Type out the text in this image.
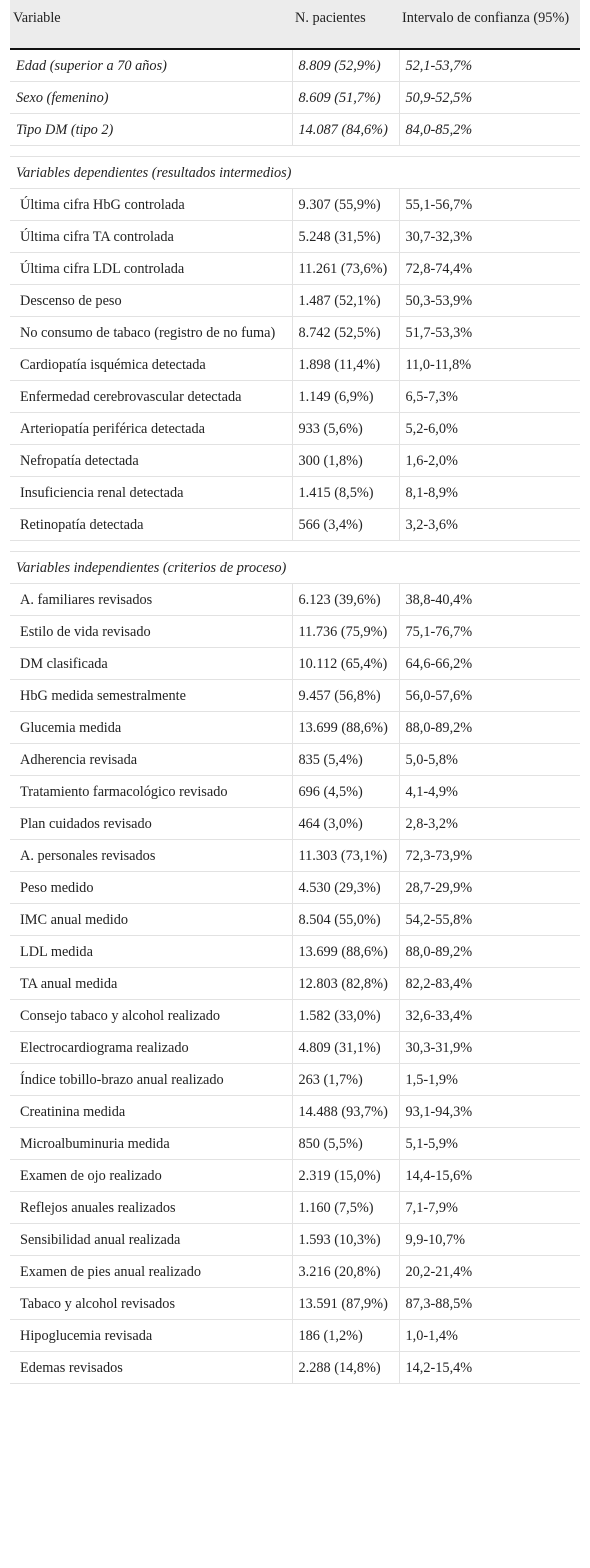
Variable	N. pacientes	Intervalo de confianza (95%)
Edad (superior a 70 años)	8.809 (52,9%)	52,1-53,7%
Sexo (femenino)	8.609 (51,7%)	50,9-52,5%
Tipo DM (tipo 2)	14.087 (84,6%)	84,0-85,2%

Variables dependientes (resultados intermedios)		
Última cifra HbG controlada	9.307 (55,9%)	55,1-56,7%
Última cifra TA controlada	5.248 (31,5%)	30,7-32,3%
Última cifra LDL controlada	11.261 (73,6%)	72,8-74,4%
Descenso de peso	1.487 (52,1%)	50,3-53,9%
No consumo de tabaco (registro de no fuma)	8.742 (52,5%)	51,7-53,3%
Cardiopatía isquémica detectada	1.898 (11,4%)	11,0-11,8%
Enfermedad cerebrovascular detectada	1.149 (6,9%)	6,5-7,3%
Arteriopatía periférica detectada	933 (5,6%)	5,2-6,0%
Nefropatía detectada	300 (1,8%)	1,6-2,0%
Insuficiencia renal detectada	1.415 (8,5%)	8,1-8,9%
Retinopatía detectada	566 (3,4%)	3,2-3,6%

Variables independientes (criterios de proceso)		
A. familiares revisados	6.123 (39,6%)	38,8-40,4%
Estilo de vida revisado	11.736 (75,9%)	75,1-76,7%
DM clasificada	10.112 (65,4%)	64,6-66,2%
HbG medida semestralmente	9.457 (56,8%)	56,0-57,6%
Glucemia medida	13.699 (88,6%)	88,0-89,2%
Adherencia revisada	835 (5,4%)	5,0-5,8%
Tratamiento farmacológico revisado	696 (4,5%)	4,1-4,9%
Plan cuidados revisado	464 (3,0%)	2,8-3,2%
A. personales revisados	11.303 (73,1%)	72,3-73,9%
Peso medido	4.530 (29,3%)	28,7-29,9%
IMC anual medido	8.504 (55,0%)	54,2-55,8%
LDL medida	13.699 (88,6%)	88,0-89,2%
TA anual medida	12.803 (82,8%)	82,2-83,4%
Consejo tabaco y alcohol realizado	1.582 (33,0%)	32,6-33,4%
Electrocardiograma realizado	4.809 (31,1%)	30,3-31,9%
Índice tobillo-brazo anual realizado	263 (1,7%)	1,5-1,9%
Creatinina medida	14.488 (93,7%)	93,1-94,3%
Microalbuminuria medida	850 (5,5%)	5,1-5,9%
Examen de ojo realizado	2.319 (15,0%)	14,4-15,6%
Reflejos anuales realizados	1.160 (7,5%)	7,1-7,9%
Sensibilidad anual realizada	1.593 (10,3%)	9,9-10,7%
Examen de pies anual realizado	3.216 (20,8%)	20,2-21,4%
Tabaco y alcohol revisados	13.591 (87,9%)	87,3-88,5%
Hipoglucemia revisada	186 (1,2%)	1,0-1,4%
Edemas revisados	2.288 (14,8%)	14,2-15,4%
